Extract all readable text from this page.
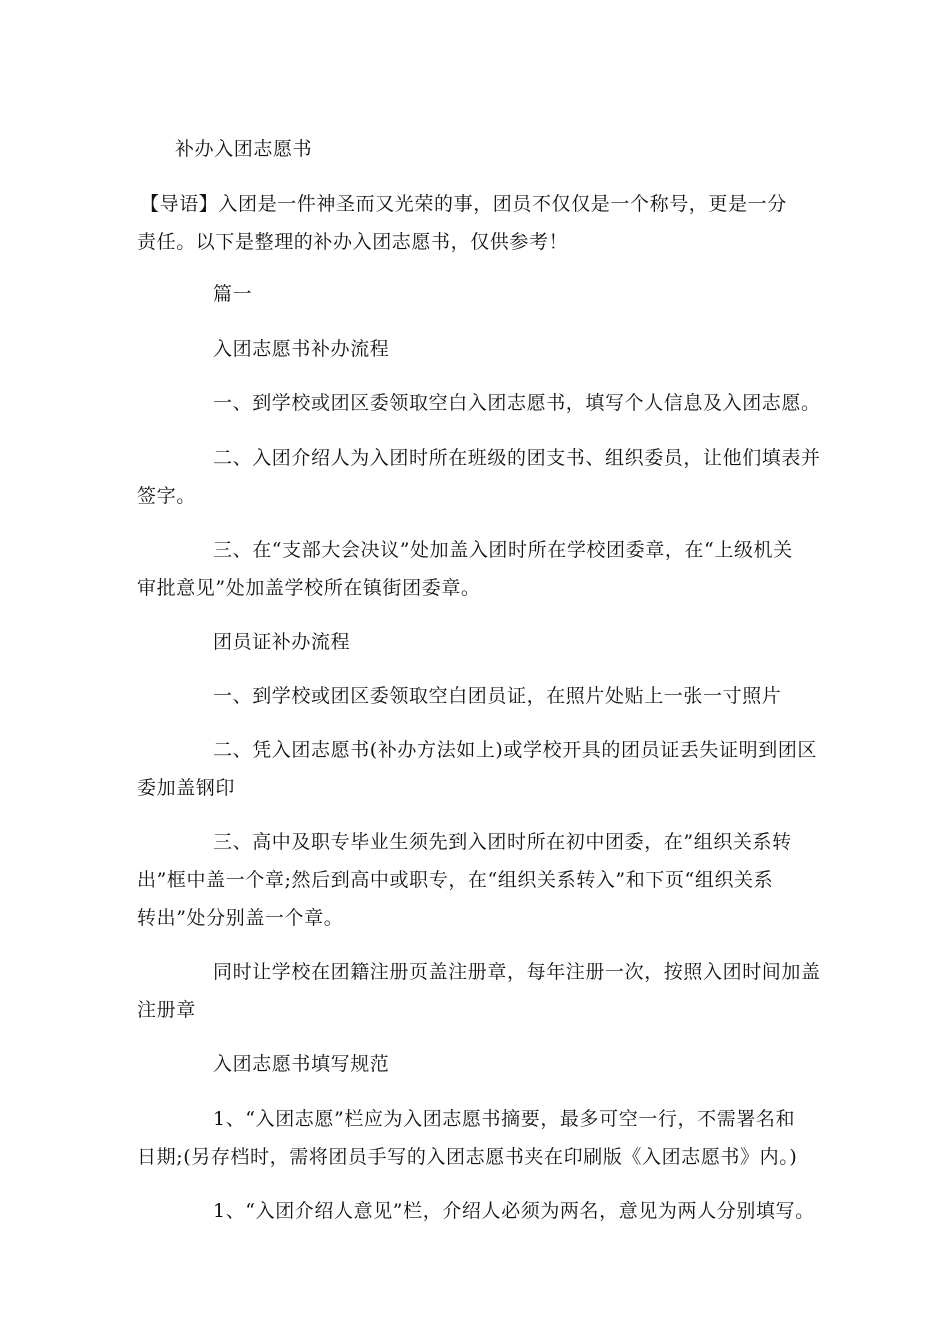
补办入团志愿书

【导语】入团是一件神圣而又光荣的事，团员不仅仅是一个称号，更是一分

责任。以下是整理的补办入团志愿书，仅供参考！

篇一

入团志愿书补办流程

一、到学校或团区委领取空白入团志愿书，填写个人信息及入团志愿。

二、入团介绍人为入团时所在班级的团支书、组织委员，让他们填表并

签字。

三、在“支部大会决议”处加盖入团时所在学校团委章，在“上级机关

审批意见”处加盖学校所在镇街团委章。

团员证补办流程

一、到学校或团区委领取空白团员证，在照片处贴上一张一寸照片

二、凭入团志愿书(补办方法如上)或学校开具的团员证丢失证明到团区

委加盖钢印

三、高中及职专毕业生须先到入团时所在初中团委，在”组织关系转

出”框中盖一个章;然后到高中或职专，在“组织关系转入”和下页“组织关系

转出”处分别盖一个章。

同时让学校在团籍注册页盖注册章，每年注册一次，按照入团时间加盖

注册章

入团志愿书填写规范

1、“入团志愿”栏应为入团志愿书摘要，最多可空一行，不需署名和

日期;(另存档时，需将团员手写的入团志愿书夹在印刷版《入团志愿书》内。)

1、“入团介绍人意见”栏，介绍人必须为两名，意见为两人分别填写。
